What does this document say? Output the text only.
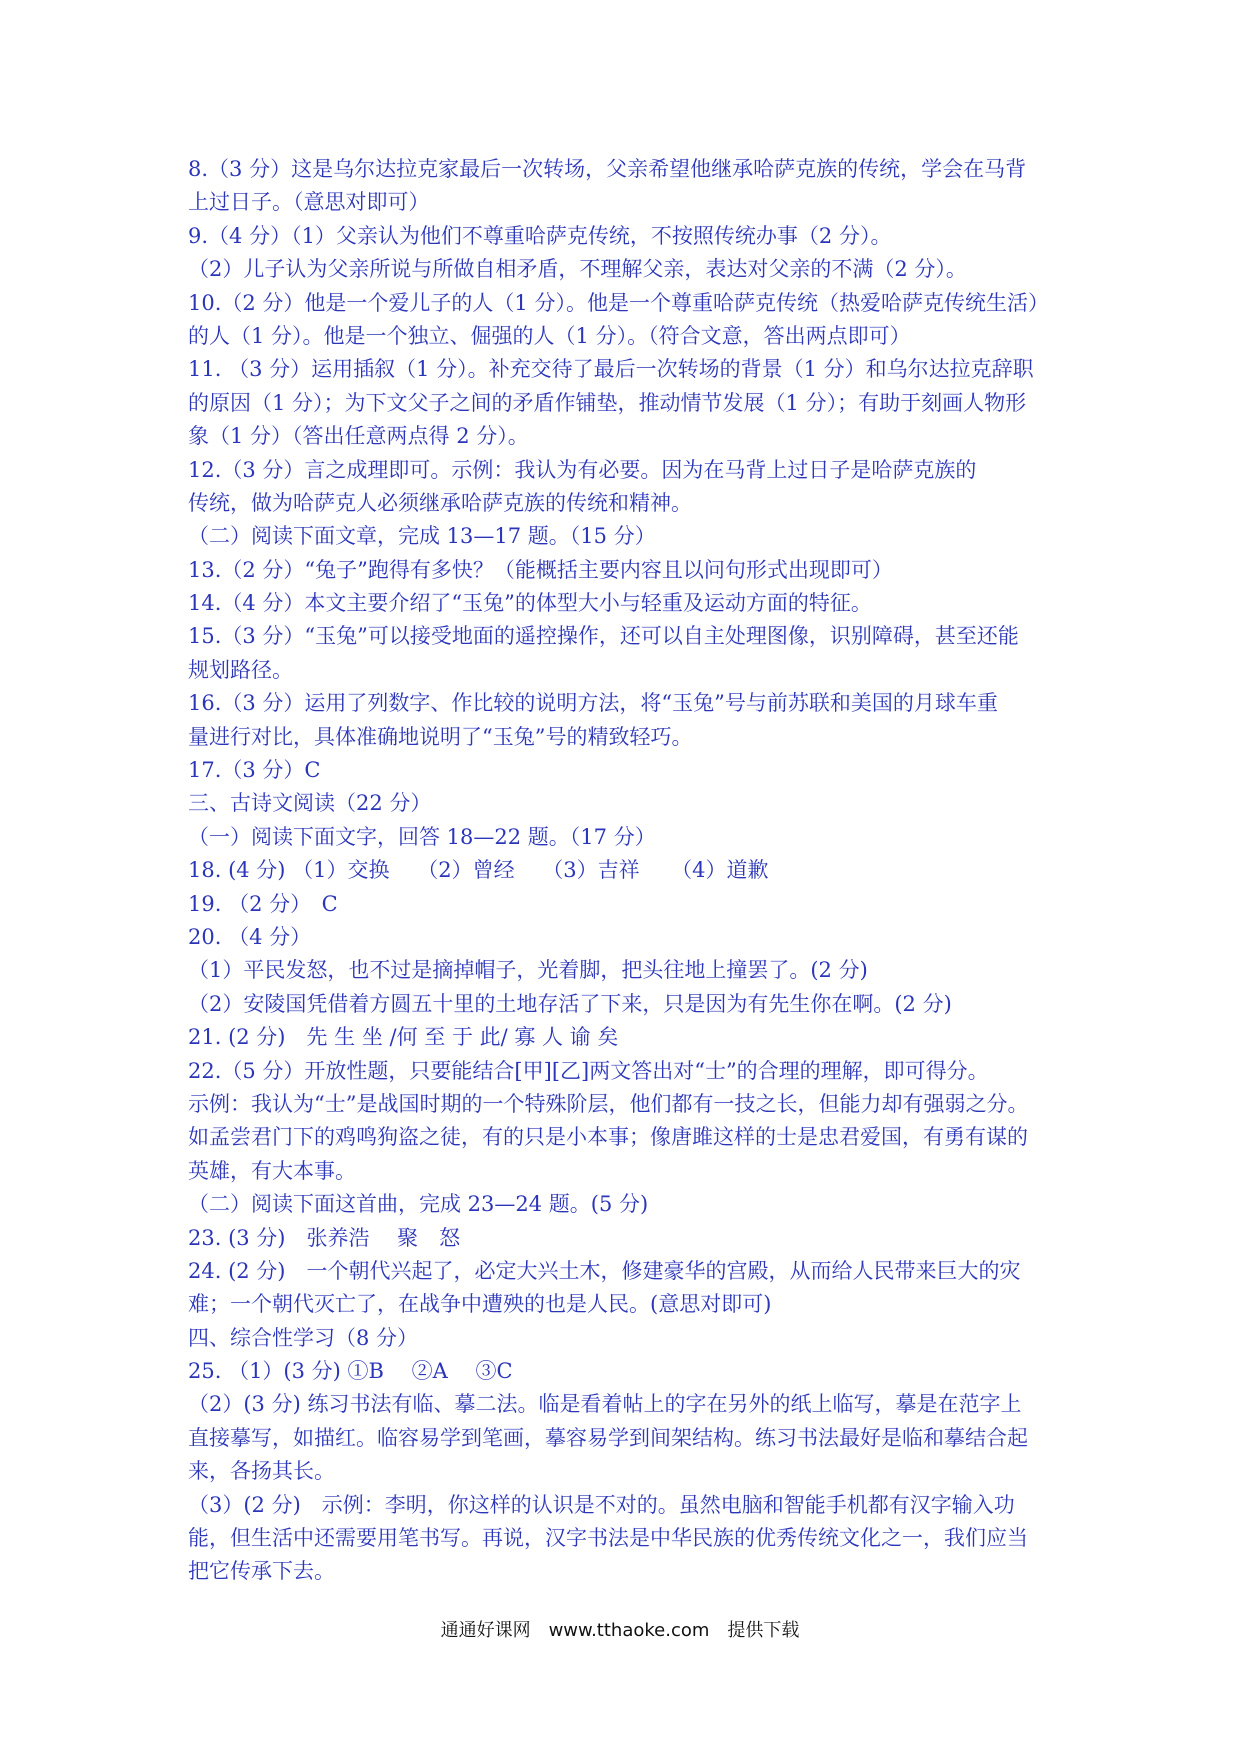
8.（3 分）这是乌尔达拉克家最后一次转场，父亲希望他继承哈萨克族的传统，学会在马背
上过日子。（意思对即可）
9.（4 分）（1）父亲认为他们不尊重哈萨克传统，不按照传统办事（2 分）。
（2）儿子认为父亲所说与所做自相矛盾，不理解父亲，表达对父亲的不满（2 分）。
10.（2 分）他是一个爱儿子的人（1 分）。他是一个尊重哈萨克传统（热爱哈萨克传统生活）
的人（1 分）。他是一个独立、倔强的人（1 分）。（符合文意，答出两点即可）
11. （3 分）运用插叙（1 分）。补充交待了最后一次转场的背景（1 分）和乌尔达拉克辞职
的原因（1 分）；为下文父子之间的矛盾作铺垫，推动情节发展（1 分）；有助于刻画人物形
象（1 分）（答出任意两点得 2 分）。
12.（3 分）言之成理即可。示例：我认为有必要。因为在马背上过日子是哈萨克族的
传统，做为哈萨克人必须继承哈萨克族的传统和精神。
（二）阅读下面文章，完成 13—17 题。（15 分）
13.（2 分）“兔子”跑得有多快？（能概括主要内容且以问句形式出现即可）
14.（4 分）本文主要介绍了“玉兔”的体型大小与轻重及运动方面的特征。
15.（3 分）“玉兔”可以接受地面的遥控操作，还可以自主处理图像，识别障碍，甚至还能
规划路径。
16.（3 分）运用了列数字、作比较的说明方法，将“玉兔”号与前苏联和美国的月球车重
量进行对比，具体准确地说明了“玉兔”号的精致轻巧。
17.（3 分）C
三、古诗文阅读（22 分）
（一）阅读下面文字，回答 18—22 题。（17 分）
18. (4 分) （1）交换　 （2）曾经　 （3）吉祥　　（4）道歉
19. （2 分）　C
20. （4 分）
（1）平民发怒，也不过是摘掉帽子，光着脚，把头往地上撞罢了。(2 分)
（2）安陵国凭借着方圆五十里的土地存活了下来，只是因为有先生你在啊。(2 分)
21. (2 分)　先 生 坐 /何 至 于 此/ 寡 人 谕 矣
22.（5 分）开放性题，只要能结合[甲][乙]两文答出对“士”的合理的理解，即可得分。
示例：我认为“士”是战国时期的一个特殊阶层，他们都有一技之长，但能力却有强弱之分。
如孟尝君门下的鸡鸣狗盗之徒，有的只是小本事；像唐雎这样的士是忠君爱国，有勇有谋的
英雄，有大本事。
（二）阅读下面这首曲，完成 23—24 题。(5 分)
23. (3 分)　张养浩　 聚　怒
24. (2 分)　一个朝代兴起了，必定大兴土木，修建豪华的宫殿，从而给人民带来巨大的灾
难；一个朝代灭亡了，在战争中遭殃的也是人民。(意思对即可)
四、综合性学习（8 分）
25. （1）(3 分) ①B　 ②A　 ③C
（2）(3 分) 练习书法有临、摹二法。临是看着帖上的字在另外的纸上临写，摹是在范字上
直接摹写，如描红。临容易学到笔画，摹容易学到间架结构。练习书法最好是临和摹结合起
来，各扬其长。
（3）(2 分)　示例：李明，你这样的认识是不对的。虽然电脑和智能手机都有汉字输入功
能，但生活中还需要用笔书写。再说，汉字书法是中华民族的优秀传统文化之一，我们应当
把它传承下去。
通通好课网　www.tthaoke.com　提供下载
